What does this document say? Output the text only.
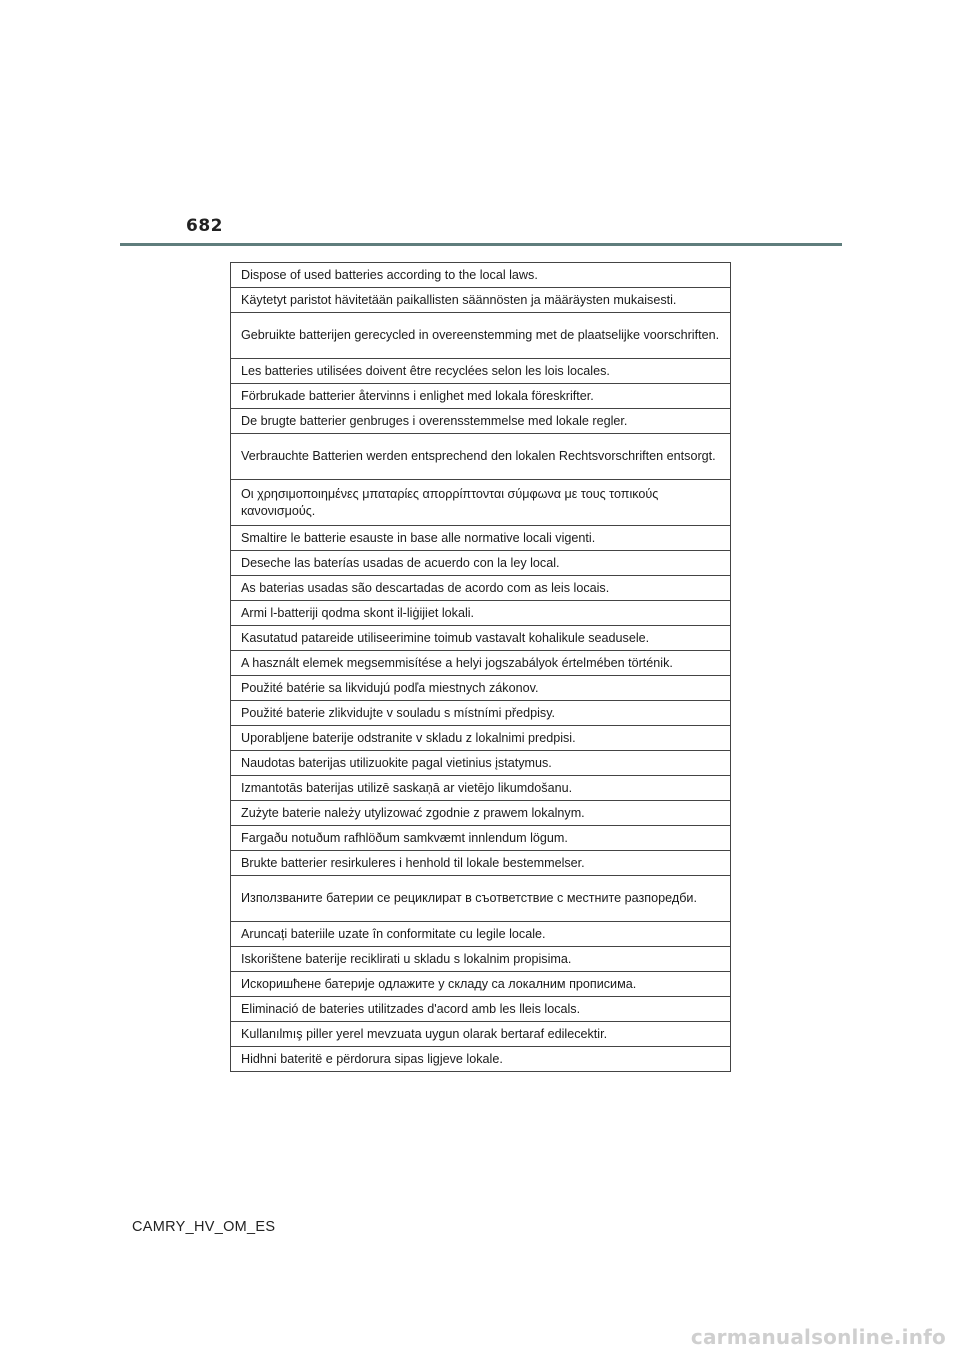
682
Dispose of used batteries according to the local laws.
Käytetyt paristot hävitetään paikallisten säännösten ja määräysten mukaisesti.
Gebruikte batterijen gerecycled in overeenstemming met de plaatselijke voorschriften.
Les batteries utilisées doivent être recyclées selon les lois locales.
Förbrukade batterier återvinns i enlighet med lokala föreskrifter.
De brugte batterier genbruges i overensstemmelse med lokale regler.
Verbrauchte Batterien werden entsprechend den lokalen Rechtsvorschriften entsorgt.
Οι χρησιμοποιημένες μπαταρίες απορρίπτονται σύμφωνα με τους τοπικούς κανονισμούς.
Smaltire le batterie esauste in base alle normative locali vigenti.
Deseche las baterías usadas de acuerdo con la ley local.
As baterias usadas são descartadas de acordo com as leis locais.
Armi l-batteriji qodma skont il-liġijiet lokali.
Kasutatud patareide utiliseerimine toimub vastavalt kohalikule seadusele.
A használt elemek megsemmisítése a helyi jogszabályok értelmében történik.
Použité batérie sa likvidujú podľa miestnych zákonov.
Použité baterie zlikvidujte v souladu s místními předpisy.
Uporabljene baterije odstranite v skladu z lokalnimi predpisi.
Naudotas baterijas utilizuokite pagal vietinius įstatymus.
Izmantotās baterijas utilizē saskaņā ar vietējo likumdošanu.
Zużyte baterie należy utylizować zgodnie z prawem lokalnym.
Fargaðu notuðum rafhlöðum samkvæmt innlendum lögum.
Brukte batterier resirkuleres i henhold til lokale bestemmelser.
Използваните батерии се рециклират в съответствие с местните разпоредби.
Aruncați bateriile uzate în conformitate cu legile locale.
Iskorištene baterije reciklirati u skladu s lokalnim propisima.
Искоришћене батерије одлажите у складу са локалним прописима.
Eliminació de bateries utilitzades d'acord amb les lleis locals.
Kullanılmış piller yerel mevzuata uygun olarak bertaraf edilecektir.
Hidhni bateritë e përdorura sipas ligjeve lokale.
CAMRY_HV_OM_ES
carmanualsonline.info
